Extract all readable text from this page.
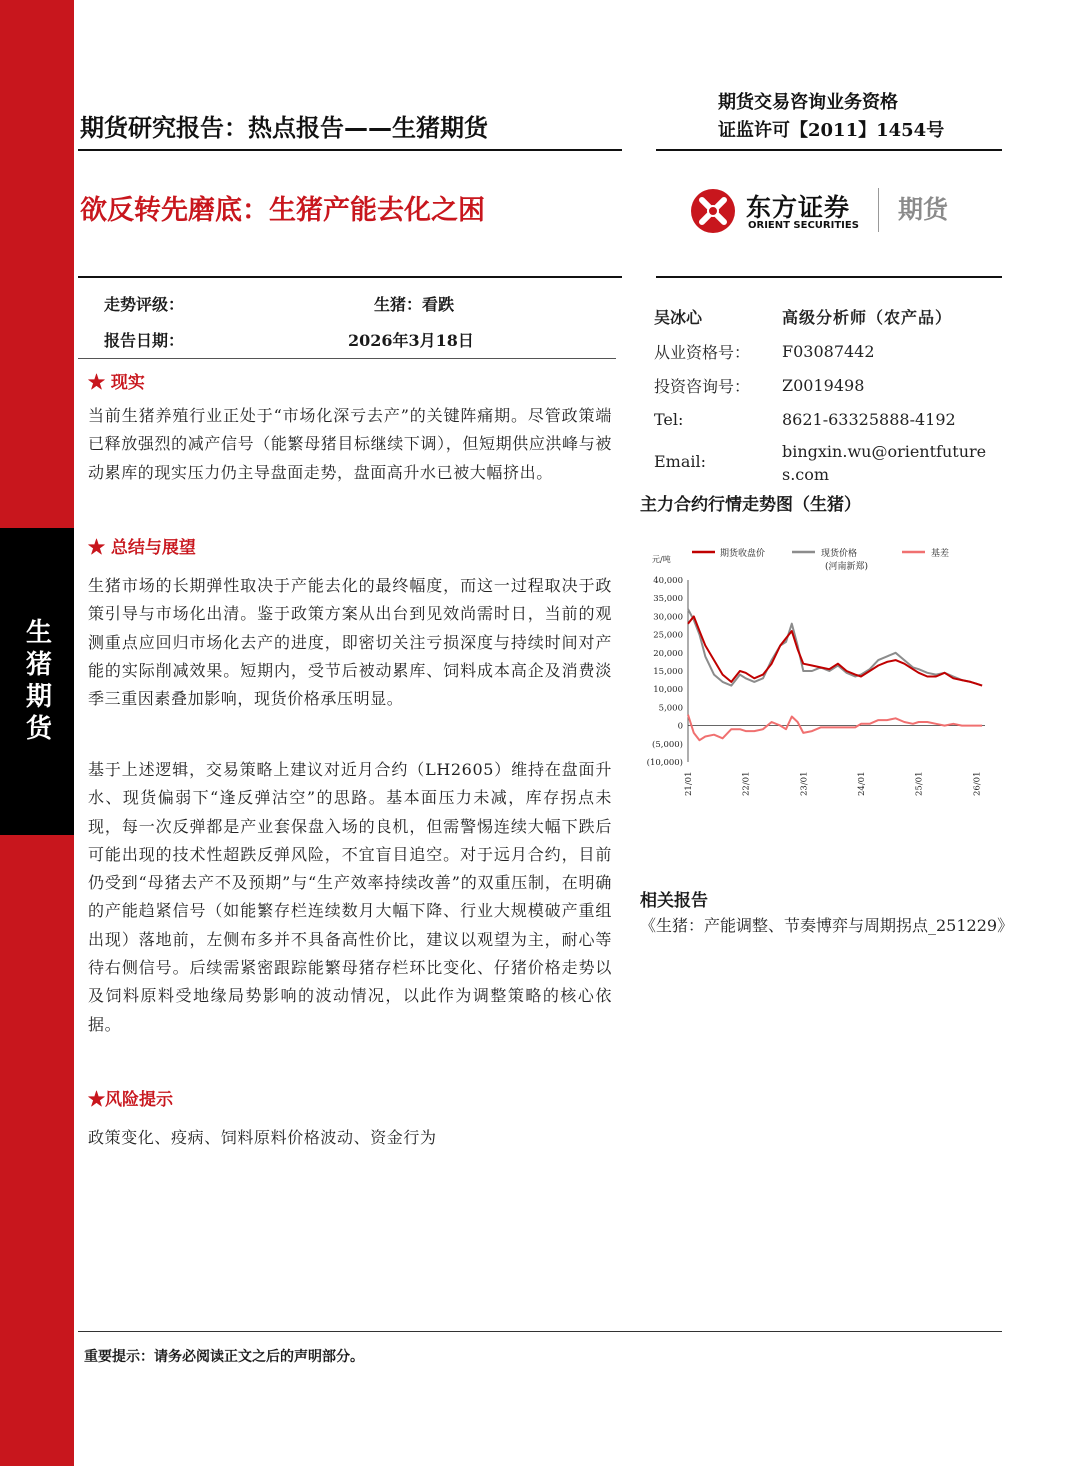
生猪期货
期货研究报告：热点报告——生猪期货
期货交易咨询业务资格
证监许可【2011】1454号
欲反转先磨底：生猪产能去化之困	东方证券
ORIENT SECURITIES
期货
走势评级：	生猪：看跌
报告日期：	2026年3月18日
★ 现实
当前生猪养殖行业正处于“市场化深亏去产”的关键阵痛期。尽管政策端已释放强烈的减产信号（能繁母猪目标继续下调），但短期供应洪峰与被动累库的现实压力仍主导盘面走势，盘面高升水已被大幅挤出。
★ 总结与展望
生猪市场的长期弹性取决于产能去化的最终幅度，而这一过程取决于政策引导与市场化出清。鉴于政策方案从出台到见效尚需时日，当前的观测重点应回归市场化去产的进度，即密切关注亏损深度与持续时间对产能的实际削减效果。短期内，受节后被动累库、饲料成本高企及消费淡季三重因素叠加影响，现货价格承压明显。
基于上述逻辑，交易策略上建议对近月合约（LH2605）维持在盘面升水、现货偏弱下“逢反弹沽空”的思路。基本面压力未减，库存拐点未现，每一次反弹都是产业套保盘入场的良机，但需警惕连续大幅下跌后可能出现的技术性超跌反弹风险，不宜盲目追空。对于远月合约，目前仍受到“母猪去产不及预期”与“生产效率持续改善”的双重压制，在明确的产能趋紧信号（如能繁存栏连续数月大幅下降、行业大规模破产重组出现）落地前，左侧布多并不具备高性价比，建议以观望为主，耐心等待右侧信号。后续需紧密跟踪能繁母猪存栏环比变化、仔猪价格走势以及饲料原料受地缘局势影响的波动情况，以此作为调整策略的核心依据。
★风险提示
政策变化、疫病、饲料原料价格波动、资金行为
吴冰心	高级分析师（农产品）
从业资格号： F03087442
投资咨询号： Z0019498
Tel:	8621-63325888-4192
Email:
bingxin.wu@orientfutures.com
主力合约行情走势图（生猪）
元/吨
期货收盘价	现货价格
(河南新郑)
基差
40,000
35,000
30,000
25,000
20,000
15,000
10,000
5,000
0
(5,000)
(10,000)
21/01	22/01	23/01	24/01	25/01	26/01
相关报告
《生猪：产能调整、节奏博弈与周期拐点_251229》
重要提示：请务必阅读正文之后的声明部分。
